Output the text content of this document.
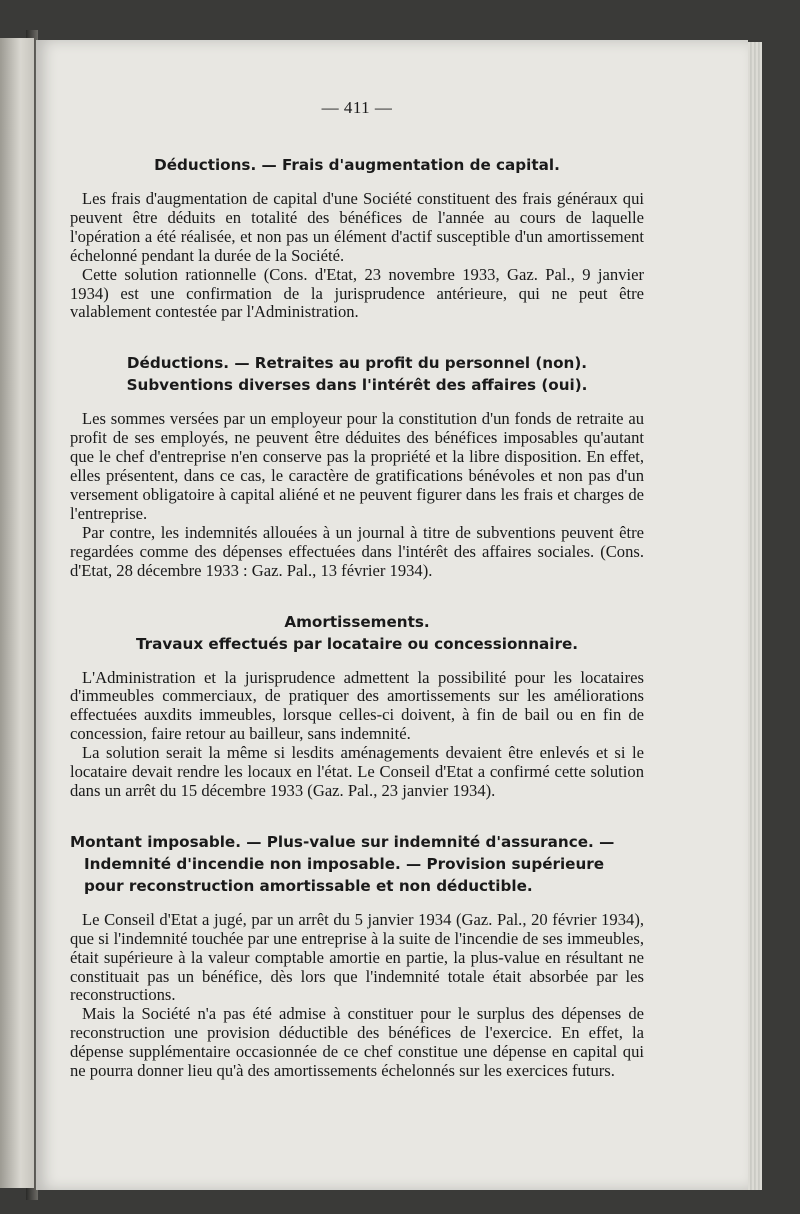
— 411 —
Déductions. — Frais d'augmentation de capital.

Les frais d'augmentation de capital d'une Société constituent des frais généraux qui peuvent être déduits en totalité des bénéfices de l'année au cours de laquelle l'opération a été réalisée, et non pas un élément d'actif susceptible d'un amortissement échelonné pendant la durée de la Société.

Cette solution rationnelle (Cons. d'Etat, 23 novembre 1933, Gaz. Pal., 9 janvier 1934) est une confirmation de la jurisprudence antérieure, qui ne peut être valablement contestée par l'Administration.

Déductions. — Retraites au profit du personnel (non).
Subventions diverses dans l'intérêt des affaires (oui).

Les sommes versées par un employeur pour la constitution d'un fonds de retraite au profit de ses employés, ne peuvent être déduites des bénéfices imposables qu'autant que le chef d'entreprise n'en conserve pas la propriété et la libre disposition. En effet, elles présentent, dans ce cas, le caractère de gratifications bénévoles et non pas d'un versement obligatoire à capital aliéné et ne peuvent figurer dans les frais et charges de l'entreprise.

Par contre, les indemnités allouées à un journal à titre de subventions peuvent être regardées comme des dépenses effectuées dans l'intérêt des affaires sociales. (Cons. d'Etat, 28 décembre 1933 : Gaz. Pal., 13 février 1934).

Amortissements.
Travaux effectués par locataire ou concessionnaire.

L'Administration et la jurisprudence admettent la possibilité pour les locataires d'immeubles commerciaux, de pratiquer des amortissements sur les améliorations effectuées auxdits immeubles, lorsque celles-ci doivent, à fin de bail ou en fin de concession, faire retour au bailleur, sans indemnité.

La solution serait la même si lesdits aménagements devaient être enlevés et si le locataire devait rendre les locaux en l'état. Le Conseil d'Etat a confirmé cette solution dans un arrêt du 15 décembre 1933 (Gaz. Pal., 23 janvier 1934).

Montant imposable. — Plus-value sur indemnité d'assurance. —
Indemnité d'incendie non imposable. — Provision supérieure
pour reconstruction amortissable et non déductible.

Le Conseil d'Etat a jugé, par un arrêt du 5 janvier 1934 (Gaz. Pal., 20 février 1934), que si l'indemnité touchée par une entreprise à la suite de l'incendie de ses immeubles, était supérieure à la valeur comptable amortie en partie, la plus-value en résultant ne constituait pas un bénéfice, dès lors que l'indemnité totale était absorbée par les reconstructions.

Mais la Société n'a pas été admise à constituer pour le surplus des dépenses de reconstruction une provision déductible des bénéfices de l'exercice. En effet, la dépense supplémentaire occasionnée de ce chef constitue une dépense en capital qui ne pourra donner lieu qu'à des amortissements échelonnés sur les exercices futurs.
